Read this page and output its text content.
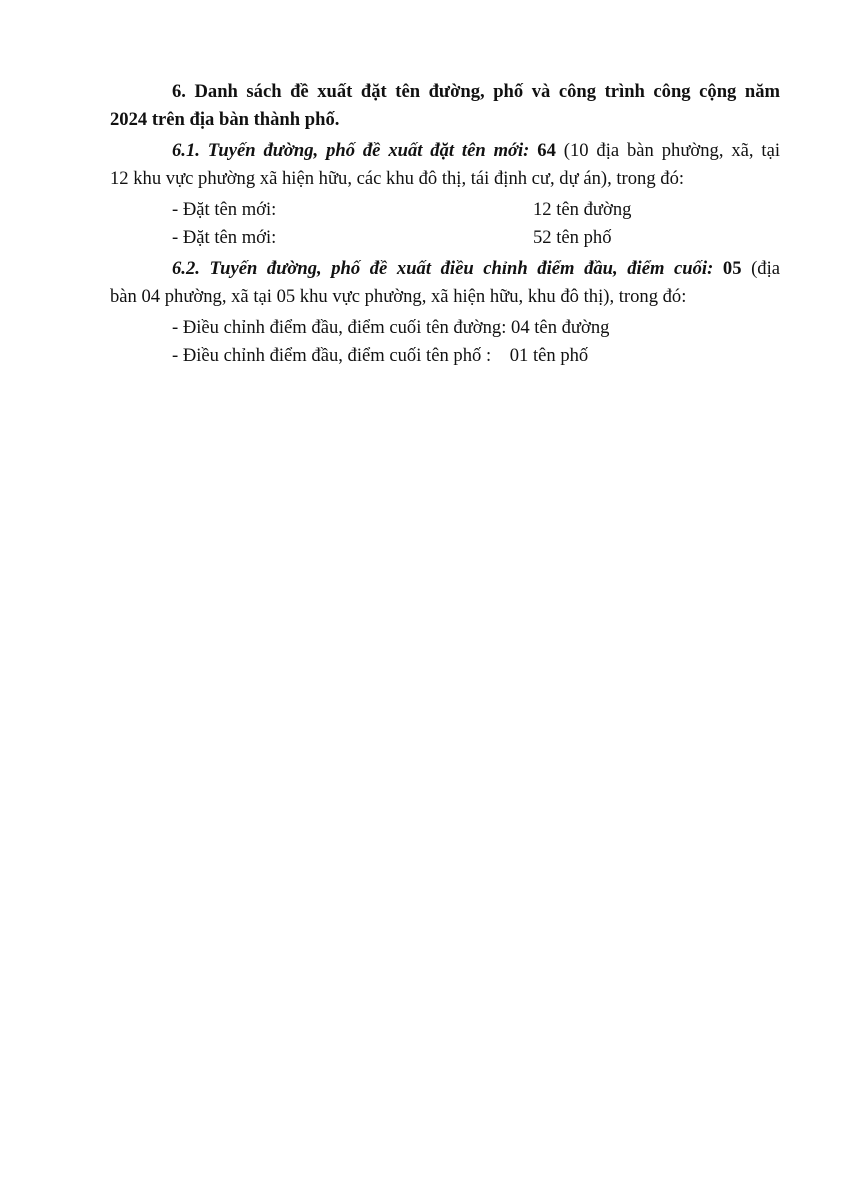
6. Danh sách đề xuất đặt tên đường, phố và công trình công cộng năm
2024 trên địa bàn thành phố.
6.1. Tuyến đường, phố đề xuất đặt tên mới: 64 (10 địa bàn phường, xã, tại
12 khu vực phường xã hiện hữu, các khu đô thị, tái định cư, dự án), trong đó:
- Đặt tên mới:	12 tên đường
- Đặt tên mới:	52 tên phố
6.2. Tuyến đường, phố đề xuất điều chỉnh điểm đầu, điểm cuối: 05 (địa
bàn 04 phường, xã tại 05 khu vực phường, xã hiện hữu, khu đô thị), trong đó:
- Điều chỉnh điểm đầu, điểm cuối tên đường: 04 tên đường
- Điều chỉnh điểm đầu, điểm cuối tên phố :    01 tên phố
